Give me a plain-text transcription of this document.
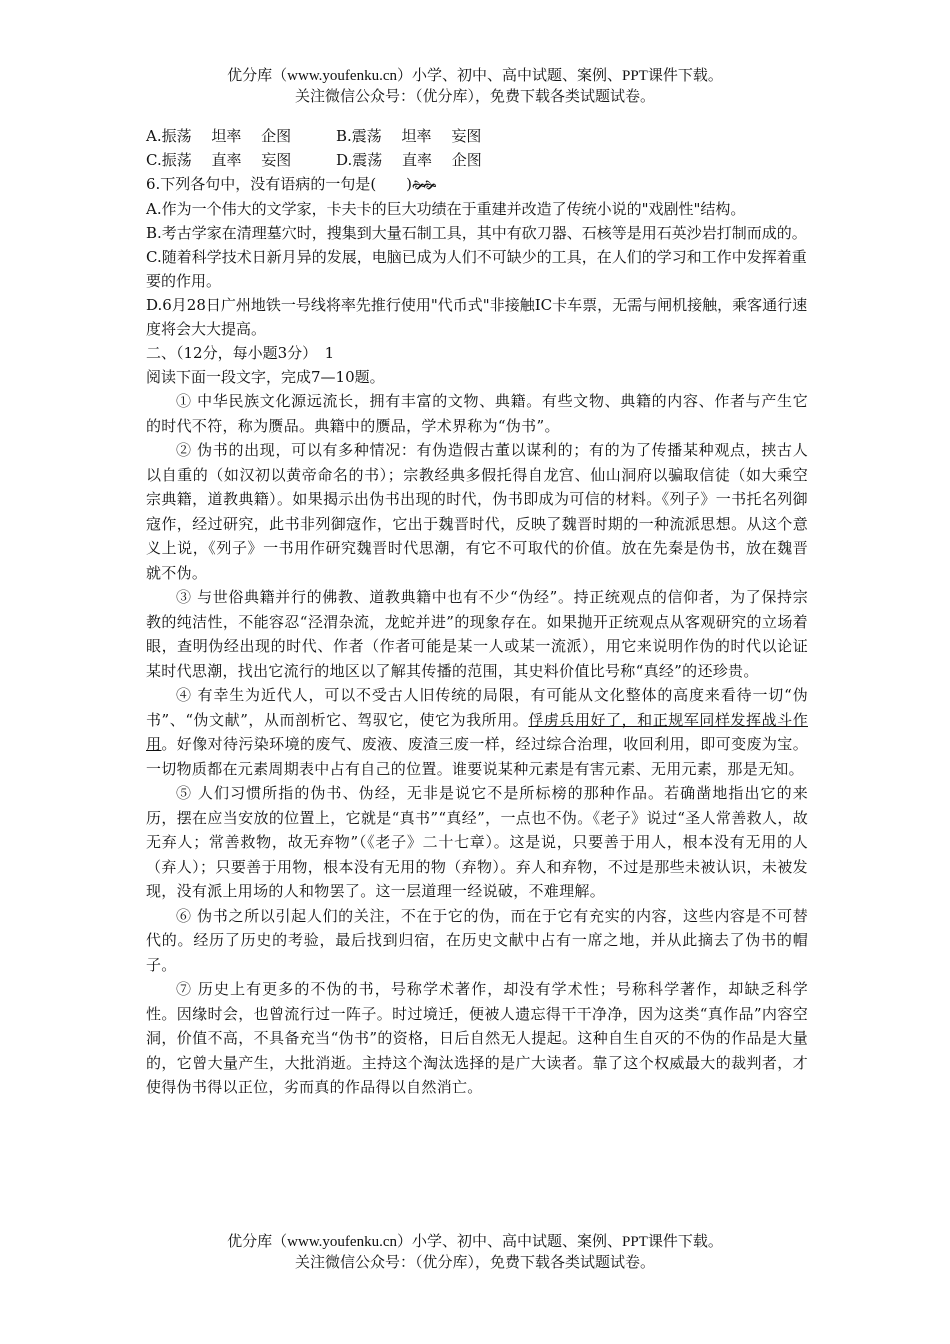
优分库（www.youfenku.cn）小学、初中、高中试题、案例、PPT课件下载。
关注微信公众号：（优分库），免费下载各类试题试卷。
A.振荡　 坦率　 企图	B.震荡　 坦率　 妄图
C.振荡　 直率　 妄图	D.震荡　 直率　 企图
6.下列各句中，没有语病的一句是(　　)🙞🙞
A.作为一个伟大的文学家，卡夫卡的巨大功绩在于重建并改造了传统小说的"戏剧性"结构。
B.考古学家在清理墓穴时，搜集到大量石制工具，其中有砍刀器、石核等是用石英沙岩打制而成的。
C.随着科学技术日新月异的发展，电脑已成为人们不可缺少的工具，在人们的学习和工作中发挥着重要的作用。
D.6月28日广州地铁一号线将率先推行使用"代币式"非接触IC卡车票，无需与闸机接触，乘客通行速度将会大大提高。
二、（12分，每小题3分）　1
阅读下面一段文字，完成7—10题。
① 中华民族文化源远流长，拥有丰富的文物、典籍。有些文物、典籍的内容、作者与产生它的时代不符，称为赝品。典籍中的赝品，学术界称为“伪书”。
② 伪书的出现，可以有多种情况：有伪造假古董以谋利的；有的为了传播某种观点，挟古人以自重的（如汉初以黄帝命名的书）；宗教经典多假托得自龙宫、仙山洞府以骗取信徒（如大乘空宗典籍，道教典籍）。如果揭示出伪书出现的时代，伪书即成为可信的材料。《列子》一书托名列御寇作，经过研究，此书非列御寇作，它出于魏晋时代，反映了魏晋时期的一种流派思想。从这个意义上说，《列子》一书用作研究魏晋时代思潮，有它不可取代的价值。放在先秦是伪书，放在魏晋就不伪。
③ 与世俗典籍并行的佛教、道教典籍中也有不少“伪经”。持正统观点的信仰者，为了保持宗教的纯洁性，不能容忍“泾渭杂流，龙蛇并进”的现象存在。如果抛开正统观点从客观研究的立场着眼，查明伪经出现的时代、作者（作者可能是某一人或某一流派），用它来说明作伪的时代以论证某时代思潮，找出它流行的地区以了解其传播的范围，其史料价值比号称“真经”的还珍贵。
④ 有幸生为近代人，可以不受古人旧传统的局限，有可能从文化整体的高度来看待一切“伪书”、“伪文献”，从而剖析它、驾驭它，使它为我所用。俘虏兵用好了，和正规军同样发挥战斗作用。好像对待污染环境的废气、废液、废渣三废一样，经过综合治理，收回利用，即可变废为宝。一切物质都在元素周期表中占有自己的位置。谁要说某种元素是有害元素、无用元素，那是无知。
⑤ 人们习惯所指的伪书、伪经，无非是说它不是所标榜的那种作品。若确凿地指出它的来历，摆在应当安放的位置上，它就是“真书”“真经”，一点也不伪。《老子》说过“圣人常善救人，故无弃人；常善救物，故无弃物”（《老子》二十七章）。这是说，只要善于用人，根本没有无用的人（弃人）；只要善于用物，根本没有无用的物（弃物）。弃人和弃物，不过是那些未被认识，未被发现，没有派上用场的人和物罢了。这一层道理一经说破，不难理解。
⑥ 伪书之所以引起人们的关注，不在于它的伪，而在于它有充实的内容，这些内容是不可替代的。经历了历史的考验，最后找到归宿，在历史文献中占有一席之地，并从此摘去了伪书的帽子。
⑦ 历史上有更多的不伪的书，号称学术著作，却没有学术性；号称科学著作，却缺乏科学性。因缘时会，也曾流行过一阵子。时过境迁，便被人遗忘得干干净净，因为这类“真作品”内容空洞，价值不高，不具备充当“伪书”的资格，日后自然无人提起。这种自生自灭的不伪的作品是大量的，它曾大量产生，大批消逝。主持这个淘汰选择的是广大读者。靠了这个权威最大的裁判者，才使得伪书得以正位，劣而真的作品得以自然消亡。
优分库（www.youfenku.cn）小学、初中、高中试题、案例、PPT课件下载。
关注微信公众号：（优分库），免费下载各类试题试卷。
